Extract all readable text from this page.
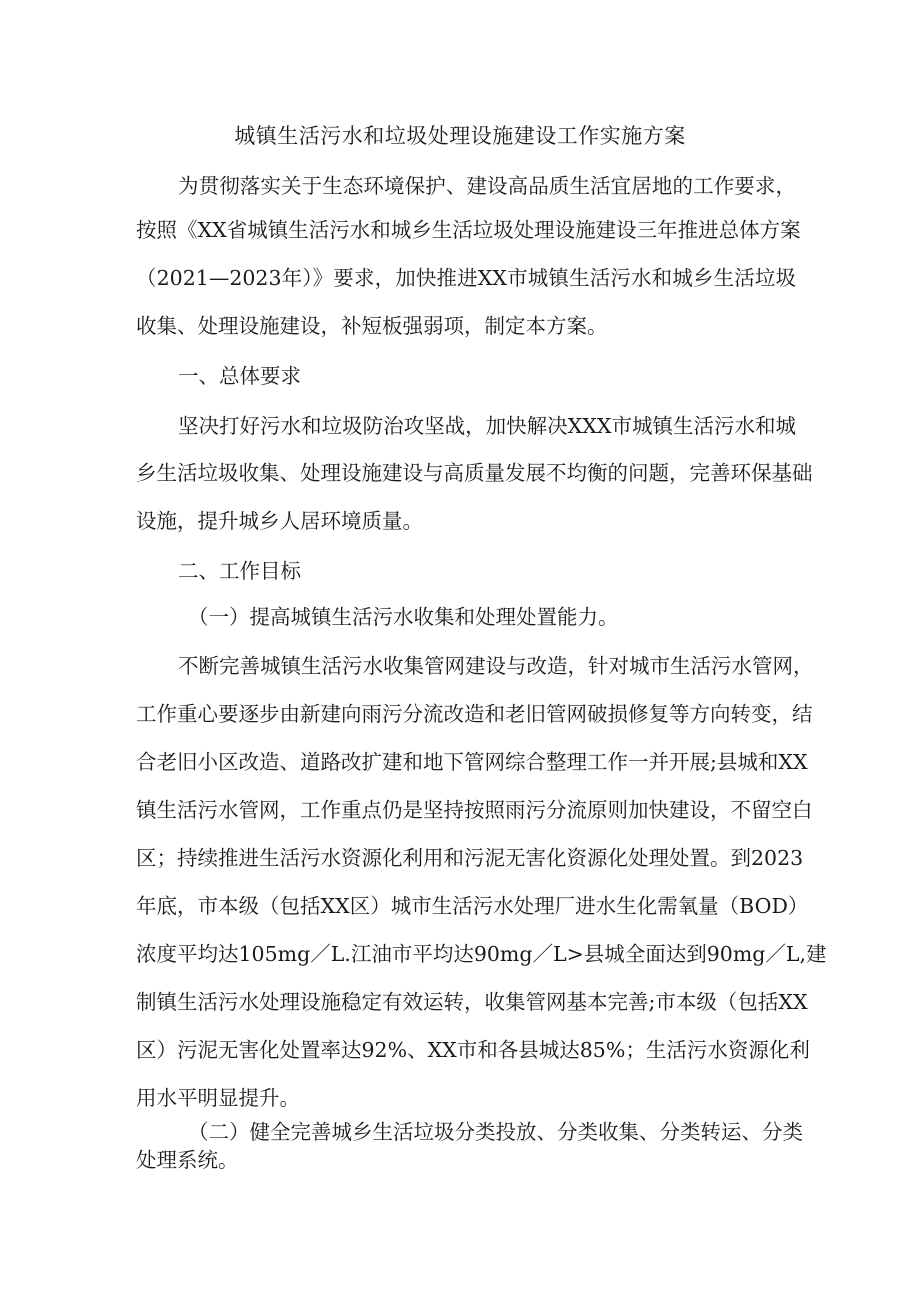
城镇生活污水和垃圾处理设施建设工作实施方案
为贯彻落实关于生态环境保护、建设高品质生活宜居地的工作要求，
按照《XX省城镇生活污水和城乡生活垃圾处理设施建设三年推进总体方案
（2021—2023年）》要求，加快推进XX市城镇生活污水和城乡生活垃圾
收集、处理设施建设，补短板强弱项，制定本方案。
一、总体要求
坚决打好污水和垃圾防治攻坚战，加快解决XXX市城镇生活污水和城
乡生活垃圾收集、处理设施建设与高质量发展不均衡的问题，完善环保基础
设施，提升城乡人居环境质量。
二、工作目标
（一）提高城镇生活污水收集和处理处置能力。
不断完善城镇生活污水收集管网建设与改造，针对城市生活污水管网，
工作重心要逐步由新建向雨污分流改造和老旧管网破损修复等方向转变，结
合老旧小区改造、道路改扩建和地下管网综合整理工作一并开展;县城和XX
镇生活污水管网，工作重点仍是坚持按照雨污分流原则加快建设，不留空白
区；持续推进生活污水资源化利用和污泥无害化资源化处理处置。到2023
年底，市本级（包括XX区）城市生活污水处理厂进水生化需氧量（BOD）
浓度平均达105mg／L.江油市平均达90mg／L>县城全面达到90mg／L,建
制镇生活污水处理设施稳定有效运转，收集管网基本完善;市本级（包括XX
区）污泥无害化处置率达92%、XX市和各县城达85%；生活污水资源化利
用水平明显提升。
（二）健全完善城乡生活垃圾分类投放、分类收集、分类转运、分类
处理系统。
